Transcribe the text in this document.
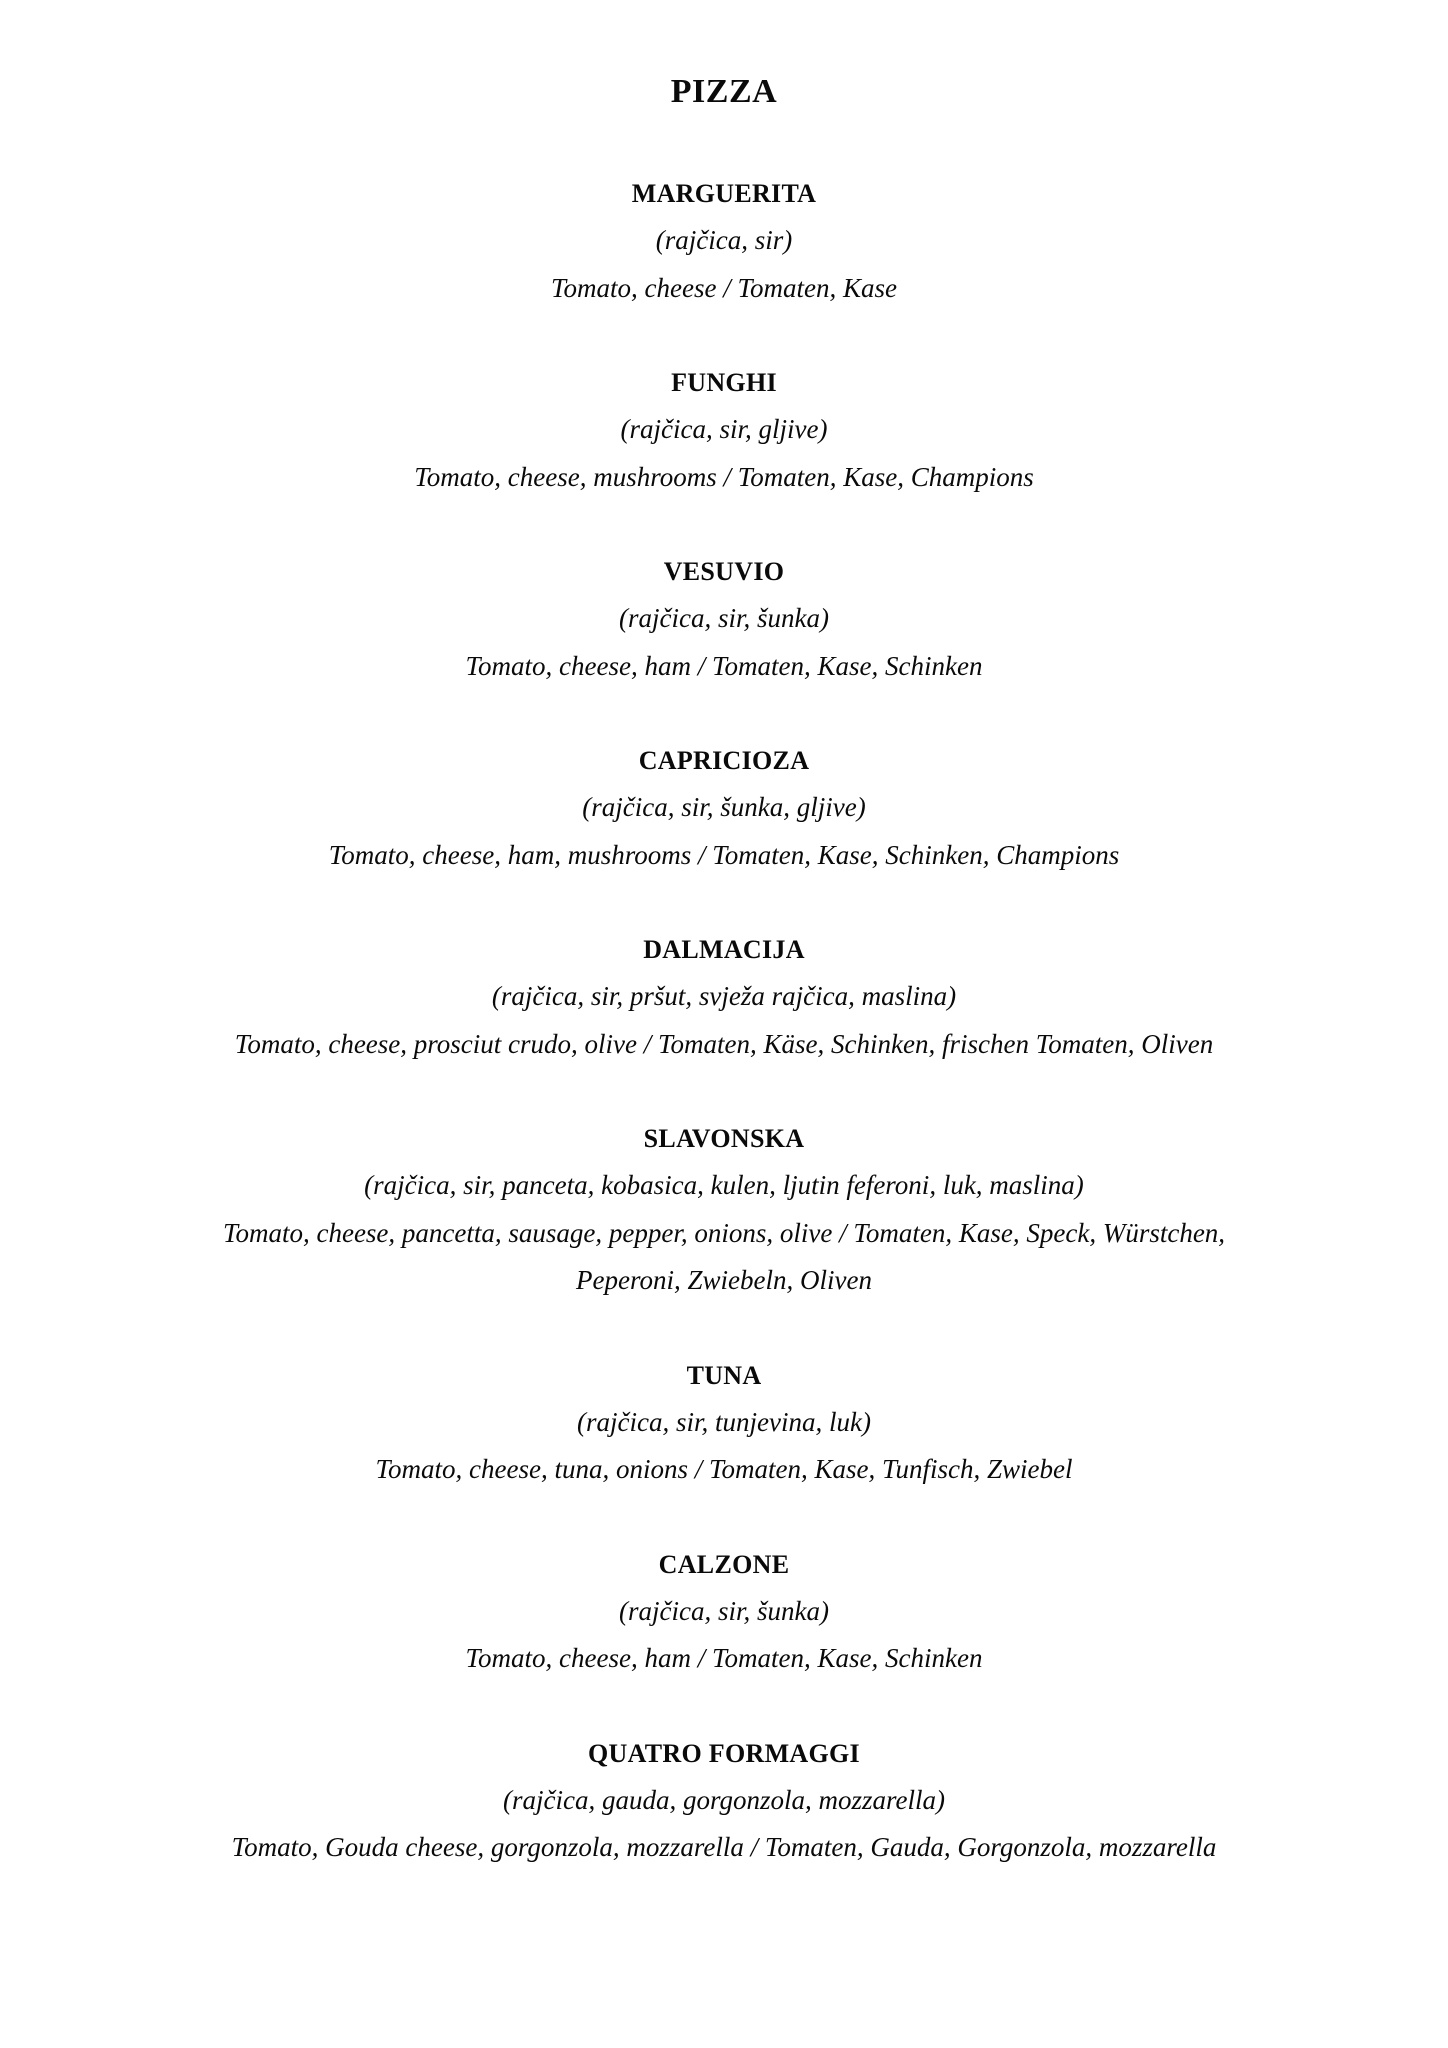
PIZZA
MARGUERITA
(rajčica, sir)
Tomato, cheese / Tomaten, Kase
FUNGHI
(rajčica, sir, gljive)
Tomato, cheese, mushrooms / Tomaten, Kase, Champions
VESUVIO
(rajčica, sir, šunka)
Tomato, cheese, ham / Tomaten, Kase, Schinken
CAPRICIOZA
(rajčica, sir, šunka, gljive)
Tomato, cheese, ham, mushrooms / Tomaten, Kase, Schinken, Champions
DALMACIJA
(rajčica, sir, pršut, svježa rajčica, maslina)
Tomato, cheese, prosciut crudo, olive / Tomaten, Käse, Schinken, frischen Tomaten, Oliven
SLAVONSKA
(rajčica, sir, panceta, kobasica, kulen, ljutin feferoni, luk, maslina)
Tomato, cheese, pancetta, sausage, pepper, onions, olive / Tomaten, Kase, Speck, Würstchen, Peperoni, Zwiebeln, Oliven
TUNA
(rajčica, sir, tunjevina, luk)
Tomato, cheese, tuna, onions / Tomaten, Kase, Tunfisch, Zwiebel
CALZONE
(rajčica, sir, šunka)
Tomato, cheese, ham / Tomaten, Kase, Schinken
QUATRO FORMAGGI
(rajčica, gauda, gorgonzola, mozzarella)
Tomato, Gouda cheese, gorgonzola, mozzarella / Tomaten, Gauda, Gorgonzola, mozzarella
